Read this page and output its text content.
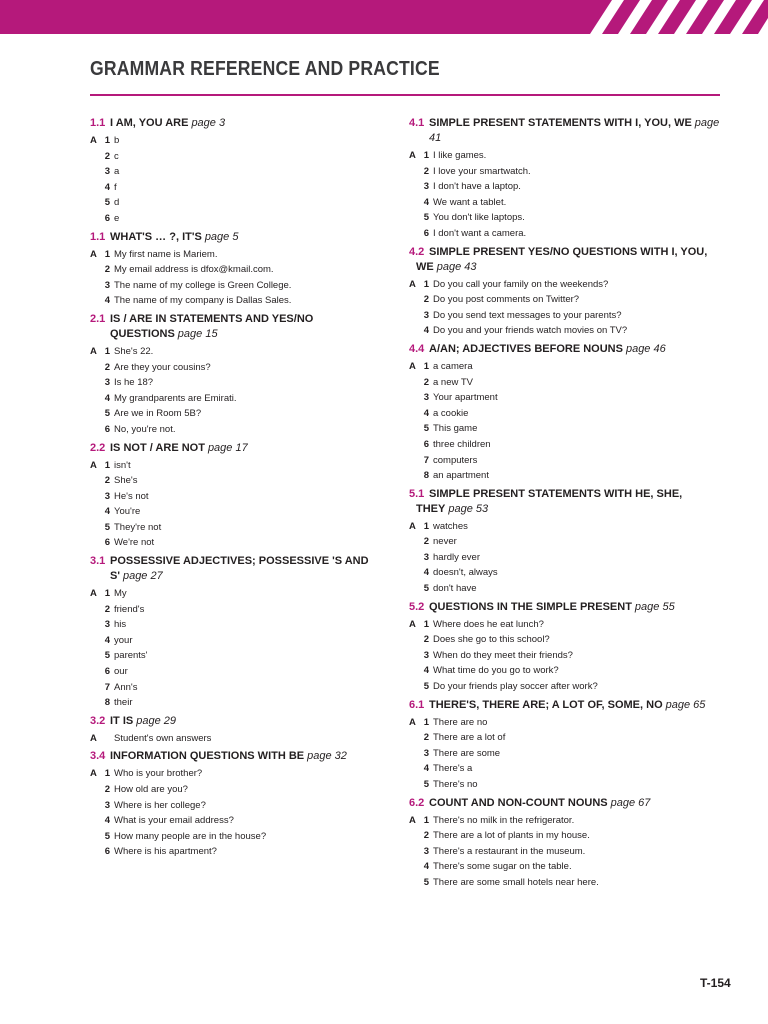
GRAMMAR REFERENCE AND PRACTICE
1.1 I AM, YOU ARE page 3
A 1 b
2 c
3 a
4 f
5 d
6 e
1.1 WHAT'S … ?, IT'S page 5
A 1 My first name is Mariem.
2 My email address is dfox@kmail.com.
3 The name of my college is Green College.
4 The name of my company is Dallas Sales.
2.1 IS / ARE IN STATEMENTS AND YES/NO QUESTIONS page 15
A 1 She's 22.
2 Are they your cousins?
3 Is he 18?
4 My grandparents are Emirati.
5 Are we in Room 5B?
6 No, you're not.
2.2 IS NOT / ARE NOT page 17
A 1 isn't
2 She's
3 He's not
4 You're
5 They're not
6 We're not
3.1 POSSESSIVE ADJECTIVES; POSSESSIVE 'S AND S' page 27
A 1 My
2 friend's
3 his
4 your
5 parents'
6 our
7 Ann's
8 their
3.2 IT IS page 29
A	Student's own answers
3.4 INFORMATION QUESTIONS WITH BE page 32
A 1 Who is your brother?
2 How old are you?
3 Where is her college?
4 What is your email address?
5 How many people are in the house?
6 Where is his apartment?
4.1 SIMPLE PRESENT STATEMENTS WITH I, YOU, WE page 41
A 1 I like games.
2 I love your smartwatch.
3 I don't have a laptop.
4 We want a tablet.
5 You don't like laptops.
6 I don't want a camera.
4.2 SIMPLE PRESENT YES/NO QUESTIONS WITH I, YOU,
WE page 43
A 1 Do you call your family on the weekends?
2 Do you post comments on Twitter?
3 Do you send text messages to your parents?
4 Do you and your friends watch movies on TV?
4.4 A/AN; ADJECTIVES BEFORE NOUNS page 46
A 1 a camera
2 a new TV
3 Your apartment
4 a cookie
5 This game
6 three children
7 computers
8 an apartment
5.1 SIMPLE PRESENT STATEMENTS WITH HE, SHE,
THEY page 53
A 1 watches
2 never
3 hardly ever
4 doesn't, always
5 don't have
5.2 QUESTIONS IN THE SIMPLE PRESENT page 55
A 1 Where does he eat lunch?
2 Does she go to this school?
3 When do they meet their friends?
4 What time do you go to work?
5 Do your friends play soccer after work?
6.1 THERE'S, THERE ARE; A LOT OF, SOME, NO page 65
A 1 There are no
2 There are a lot of
3 There are some
4 There's a
5 There's no
6.2 COUNT AND NON-COUNT NOUNS page 67
A 1 There's no milk in the refrigerator.
2 There are a lot of plants in my house.
3 There's a restaurant in the museum.
4 There's some sugar on the table.
5 There are some small hotels near here.
T-154
